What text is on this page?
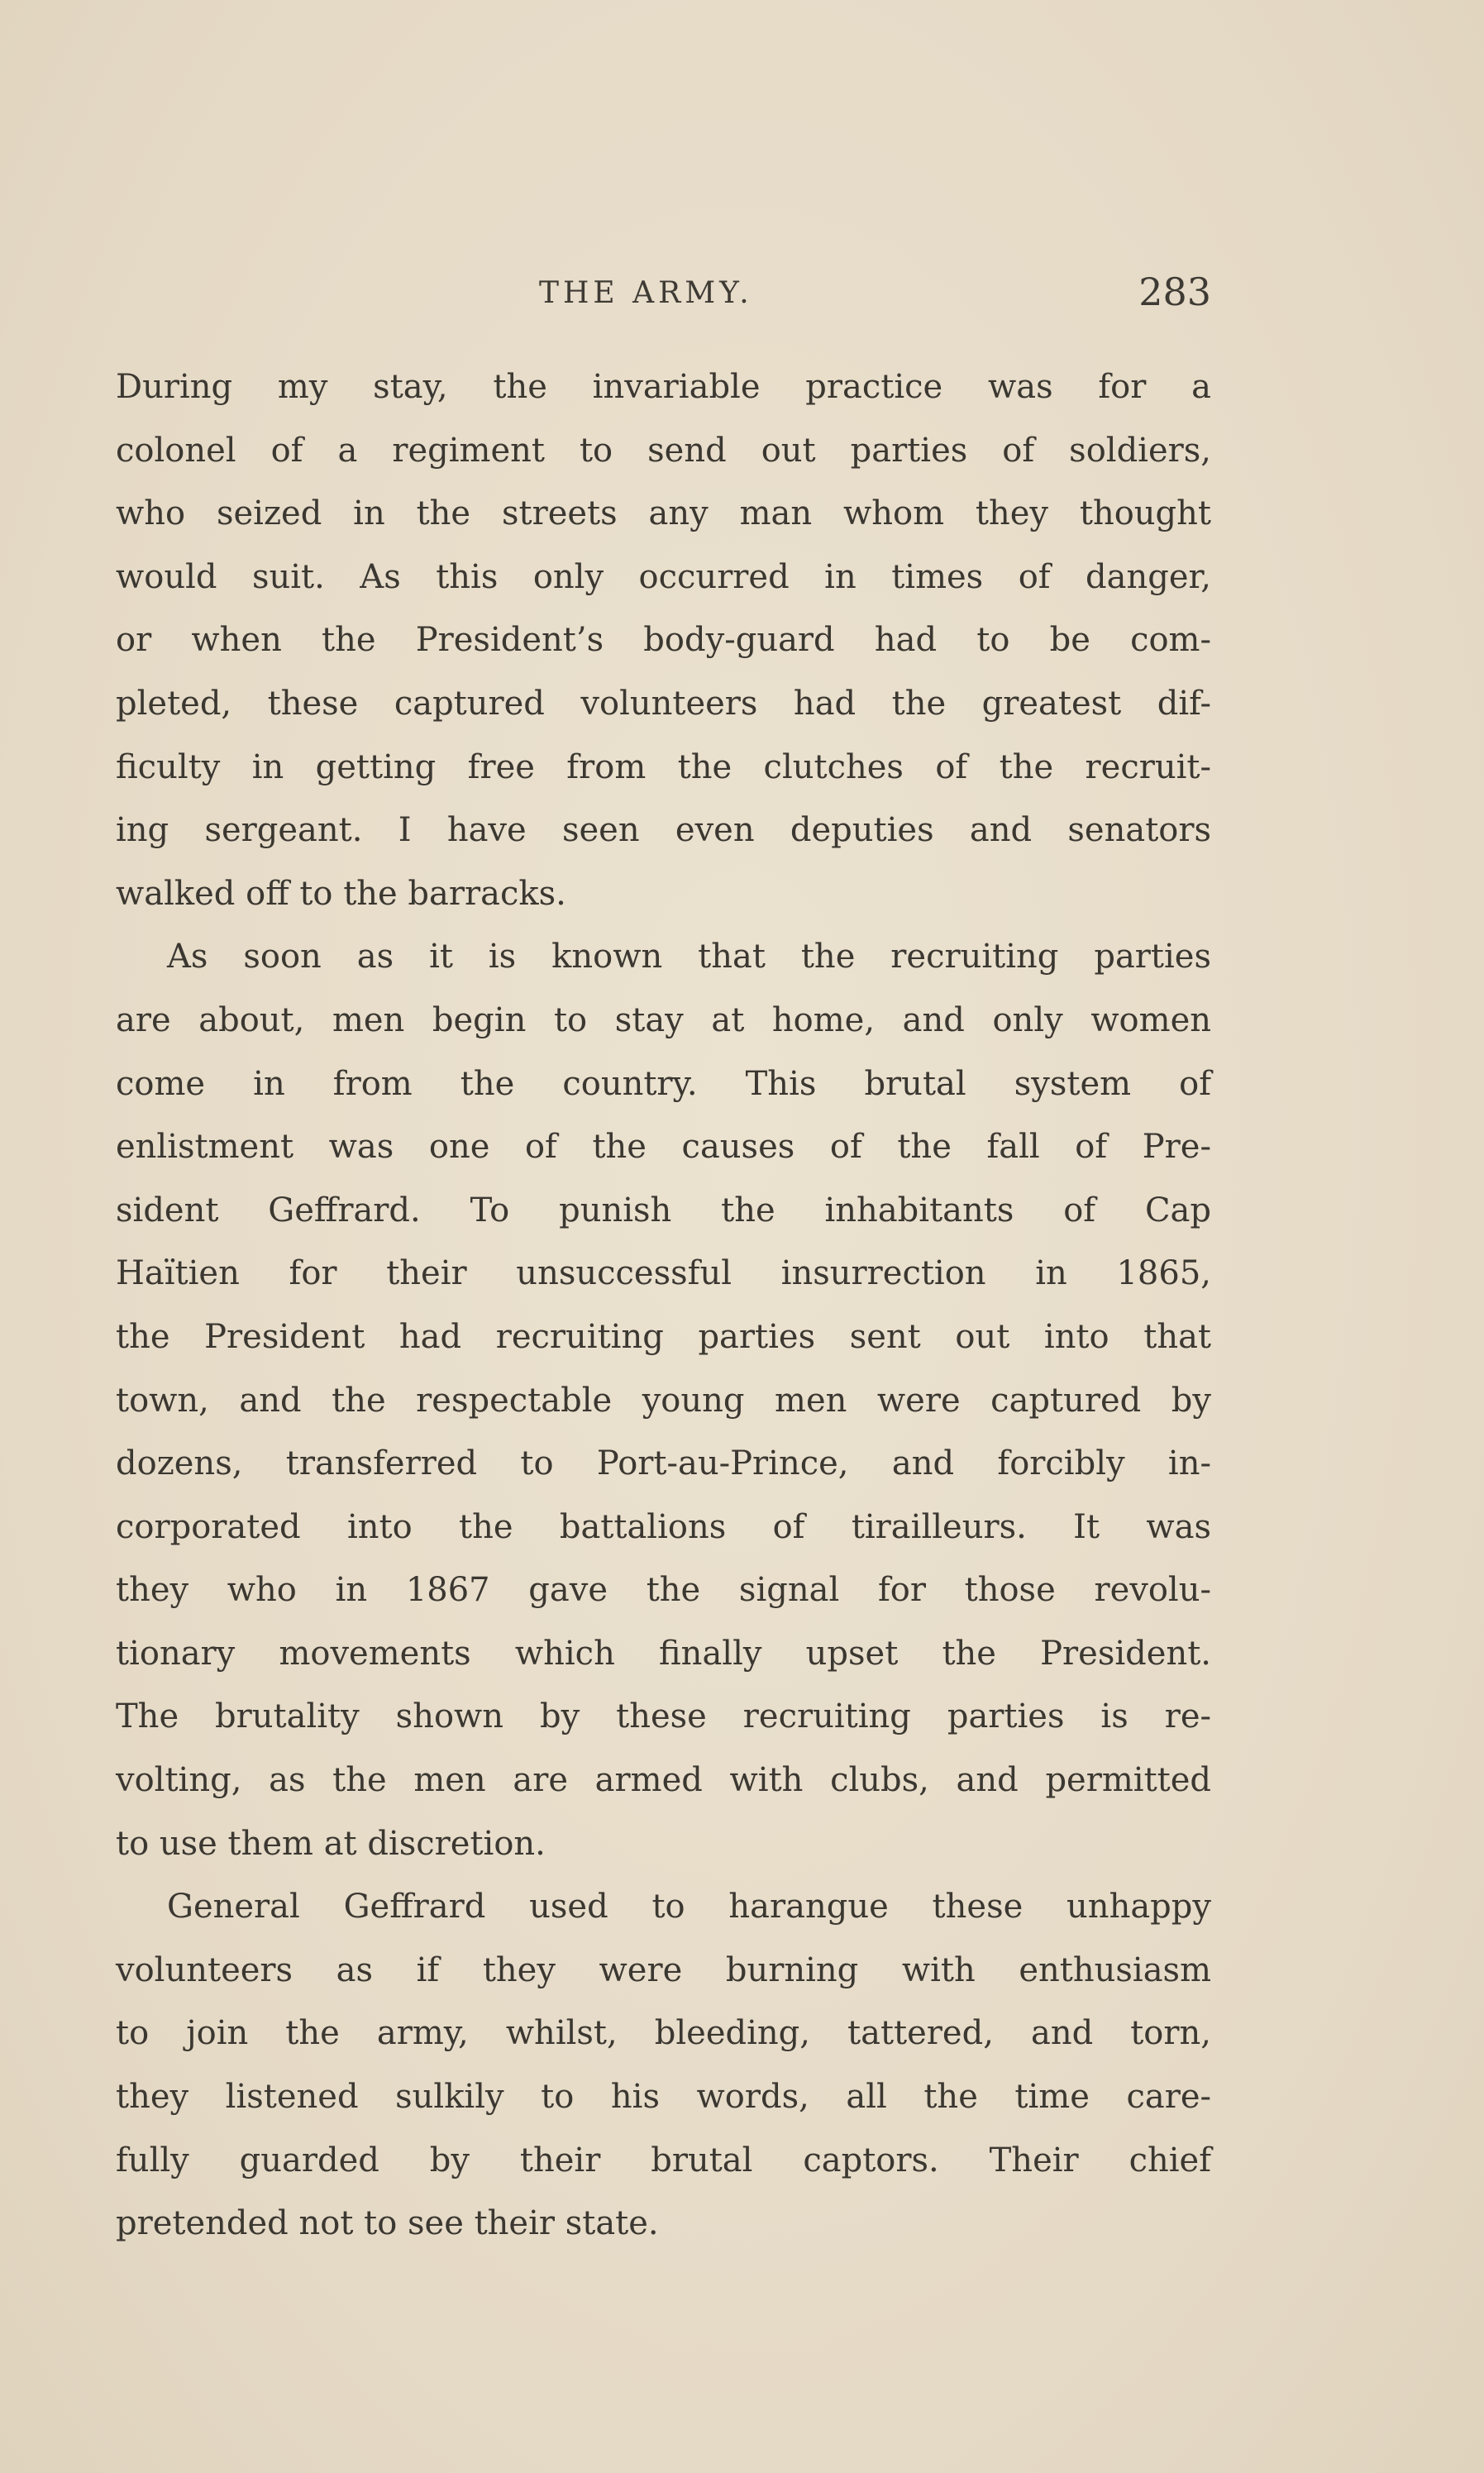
THE ARMY.	283
During my stay, the invariable practice was for a
colonel of a regiment to send out parties of soldiers,
who seized in the streets any man whom they thought
would suit. As this only occurred in times of danger,
or when the President’s body-guard had to be com-
pleted, these captured volunteers had the greatest dif-
ficulty in getting free from the clutches of the recruit-
ing sergeant. I have seen even deputies and senators
walked off to the barracks.
As soon as it is known that the recruiting parties
are about, men begin to stay at home, and only women
come in from the country. This brutal system of
enlistment was one of the causes of the fall of Pre-
sident Geffrard. To punish the inhabitants of Cap
Haïtien for their unsuccessful insurrection in 1865,
the President had recruiting parties sent out into that
town, and the respectable young men were captured by
dozens, transferred to Port-au-Prince, and forcibly in-
corporated into the battalions of tirailleurs. It was
they who in 1867 gave the signal for those revolu-
tionary movements which finally upset the President.
The brutality shown by these recruiting parties is re-
volting, as the men are armed with clubs, and permitted
to use them at discretion.
General Geffrard used to harangue these unhappy
volunteers as if they were burning with enthusiasm
to join the army, whilst, bleeding, tattered, and torn,
they listened sulkily to his words, all the time care-
fully guarded by their brutal captors. Their chief
pretended not to see their state.
